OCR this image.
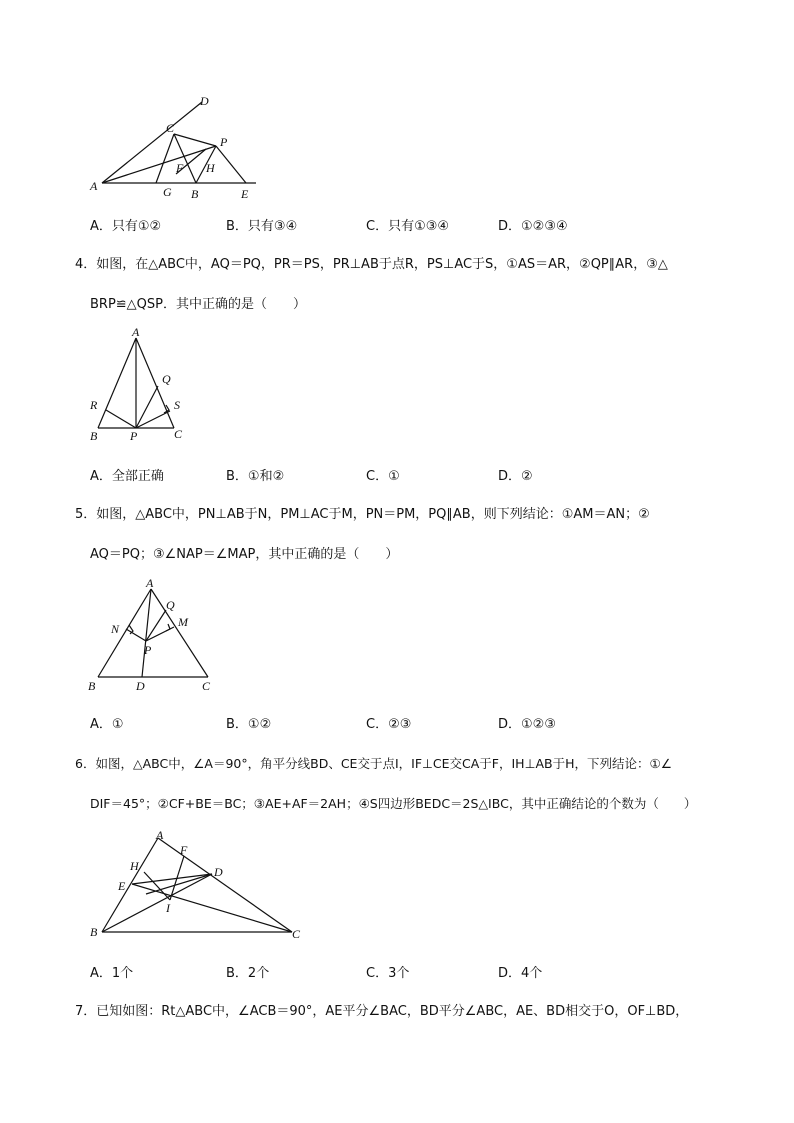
D
C
P
F H
A	G B	E
A．只有①②	B．只有③④	C．只有①③④	D．①②③④
4．如图，在△ABC中，AQ＝PQ，PR＝PS，PR⊥AB于点R，PS⊥AC于S，①AS＝AR，②QP∥AR，③△
BRP≌△QSP．其中正确的是（　　）
A
Q
R	S
B	P	C
A．全部正确	B．①和②	C．①	D．②
5．如图，△ABC中，PN⊥AB于N，PM⊥AC于M，PN＝PM，PQ∥AB，则下列结论：①AM＝AN；②
AQ＝PQ；③∠NAP＝∠MAP，其中正确的是（　　）
A
Q
N	M
P
B	D	C
A．①	B．①②	C．②③	D．①②③
6．如图，△ABC中，∠A＝90°，角平分线BD、CE交于点I，IF⊥CE交CA于F，IH⊥AB于H，下列结论：①∠
DIF＝45°；②CF+BE＝BC；③AE+AF＝2AH；④S四边形BEDC＝2S△IBC，其中正确结论的个数为（　　）
A
F
H	D
E
I
B	C
A．1个	B．2个	C．3个	D．4个
7．已知如图：Rt△ABC中，∠ACB＝90°，AE平分∠BAC，BD平分∠ABC，AE、BD相交于O，OF⊥BD，
